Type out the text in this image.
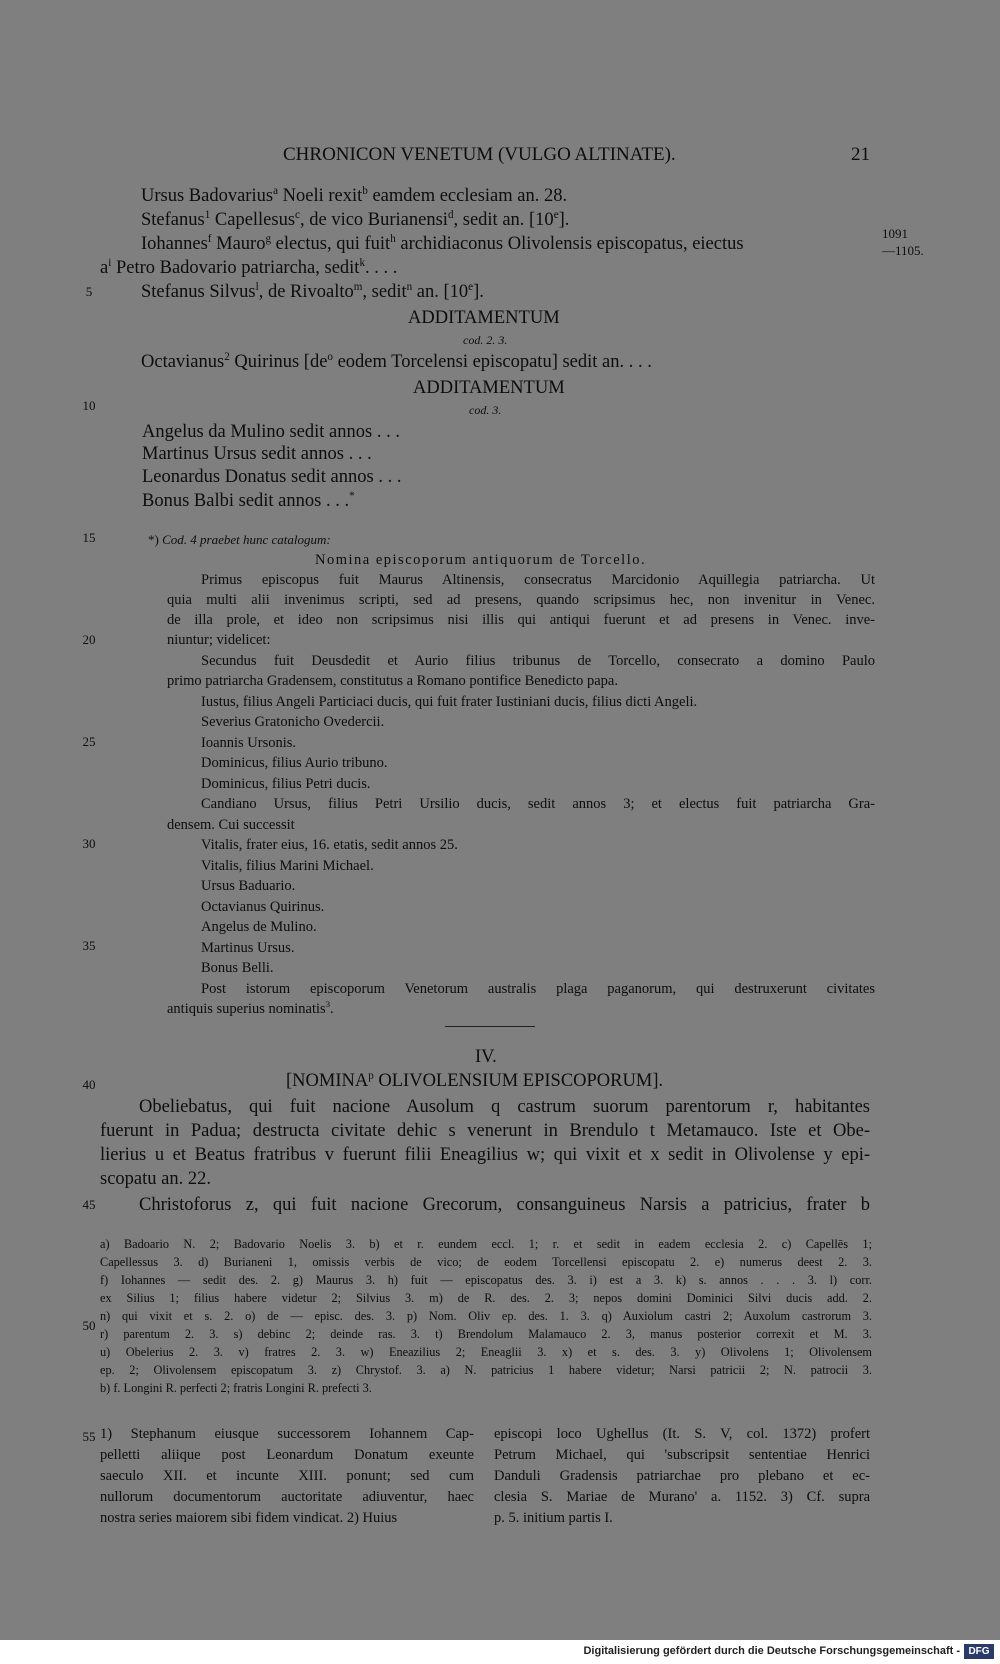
CHRONICON VENETUM (VULGO ALTINATE).	21
1091
—1105.
5
10
15
20
25
30
35
40
45
50
55
Ursus Badovarius$^a$ Noeli rexit$^b$ eamdem ecclesiam an. 28.
Stefanus$^1$ Capellesus$^c$, de vico Burianensi$^d$, sedit an. [10e].
Iohannes$^f$ Mauro$^g$ electus, qui fuit$^h$ archidiaconus Olivolensis episcopatus, eiectus
$a^i$ Petro Badovario patriarcha, sedit$^k$. . . .
Stefanus Silvus$^l$, de Rivoalto$^m$, sedit$^n$ an. [10e].
ADDITAMENTUM
cod. 2. 3.
Octavianus$^2$ Quirinus [$de^o$ eodem Torcelensi episcopatu] sedit an. . . .
ADDITAMENTUM
cod. 3.
Angelus da Mulino sedit annos . . .
Martinus Ursus sedit annos . . .
Leonardus Donatus sedit annos . . .
Bonus Balbi sedit annos . . .*
*) Cod. 4 praebet hunc catalogum:
Nomina episcoporum antiquorum de Torcello.
Primus episcopus fuit Maurus Altinensis, consecratus Marcidonio Aquillegia patriarcha. Ut
quia multi alii invenimus scripti, sed ad presens, quando scripsimus hec, non invenitur in Venec.
de illa prole, et ideo non scripsimus nisi illis qui antiqui fuerunt et ad presens in Venec. inve-
niuntur; videlicet:
Secundus fuit Deusdedit et Aurio filius tribunus de Torcello, consecrato a domino Paulo
primo patriarcha Gradensem, constitutus a Romano pontifice Benedicto papa.
Iustus, filius Angeli Particiaci ducis, qui fuit frater Iustiniani ducis, filius dicti Angeli.
Severius Gratonicho Ovedercii.
Ioannis Ursonis.
Dominicus, filius Aurio tribuno.
Dominicus, filius Petri ducis.
Candiano Ursus, filius Petri Ursilio ducis, sedit annos 3; et electus fuit patriarcha Gra-
densem. Cui successit
Vitalis, frater eius, 16. etatis, sedit annos 25.
Vitalis, filius Marini Michael.
Ursus Baduario.
Octavianus Quirinus.
Angelus de Mulino.
Martinus Ursus.
Bonus Belli.
Post istorum episcoporum Venetorum australis plaga paganorum, qui destruxerunt civitates
antiquis superius nominatis$^3$.
IV.
[NOMINA$^p$ OLIVOLENSIUM EPISCOPORUM].
Obeliebatus, qui fuit nacione Ausolum q castrum suorum parentorum r, habitantes
fuerunt in Padua; destructa civitate dehic s venerunt in Brendulo t Metamauco. Iste et Obe-
lierius u et Beatus fratribus v fuerunt filii Eneagilius w; qui vixit et x sedit in Olivolense y epi-
scopatu an. 22.
Christoforus z, qui fuit nacione Grecorum, consanguineus Narsis a patricius, frater b
a) Badoario N. 2; Badovario Noelis 3. b) et r. eundem eccl. 1; r. et sedit in eadem ecclesia 2. c) Capellēs 1;
Capellessus 3. d) Burianeni 1, omissis verbis de vico; de eodem Torcellensi episcopatu 2. e) numerus deest 2. 3.
f) Iohannes — sedit des. 2. g) Maurus 3. h) fuit — episcopatus des. 3. i) est a 3. k) s. annos . . . 3. l) corr.
ex Silius 1; filius habere videtur 2; Silvius 3. m) de R. des. 2. 3; nepos domini Dominici Silvi ducis add. 2.
n) qui vixit et s. 2. o) de — episc. des. 3. p) Nom. Oliv ep. des. 1. 3. q) Auxiolum castri 2; Auxolum castrorum 3.
r) parentum 2. 3. s) debinc 2; deinde ras. 3. t) Brendolum Malamauco 2. 3, manus posterior correxit et M. 3.
u) Obelerius 2. 3. v) fratres 2. 3. w) Eneazilius 2; Eneaglii 3. x) et s. des. 3. y) Olivolens 1; Olivolensem
ep. 2; Olivolensem episcopatum 3. z) Chrystof. 3. a) N. patricius 1 habere videtur; Narsi patricii 2; N. patrocii 3.
b) f. Longini R. perfecti 2; fratris Longini R. prefecti 3.
1) Stephanum eiusque successorem Iohannem Cap-
pelletti aliique post Leonardum Donatum exeunte
saeculo XII. et incunte XIII. ponunt; sed cum
nullorum documentorum auctoritate adiuventur, haec
nostra series maiorem sibi fidem vindicat. 2) Huius
episcopi loco Ughellus (It. S. V, col. 1372) profert
Petrum Michael, qui 'subscripsit sententiae Henrici
Danduli Gradensis patriarchae pro plebano et ec-
clesia S. Mariae de Murano' a. 1152. 3) Cf. supra
p. 5. initium partis I.
Digitalisierung gefördert durch die Deutsche Forschungsgemeinschaft - DFG
